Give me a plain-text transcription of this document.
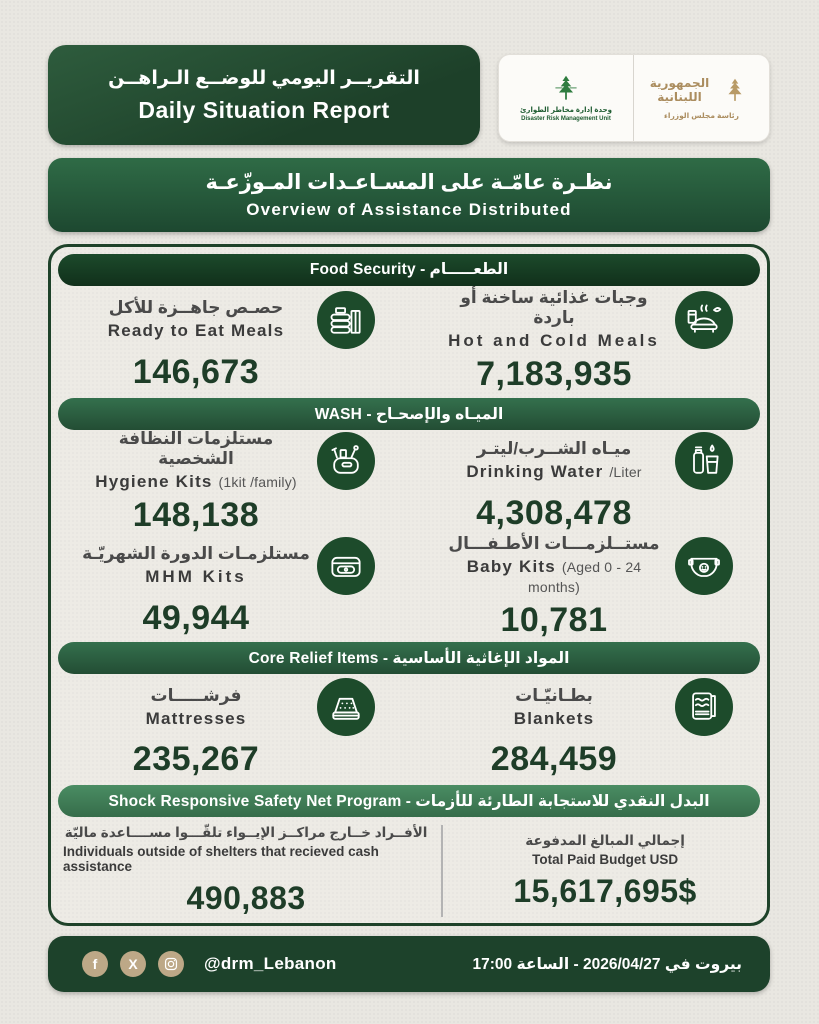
التقريــر اليومي للوضــع الـراهــن
Daily Situation Report	وحدة إدارة مخاطر الطوارئ
Disaster Risk Management Unit
الجمهورية
اللبنانية
رئاسة مجلس الوزراء
نظـرة عامّـة على المسـاعـدات المـوزّعـة
Overview of Assistance Distributed
الطعـــــام - Food Security
حصـص جاهــزة للأكل
Ready to Eat Meals
146,673
وجبات غذائية ساخنة أو باردة
Hot and Cold Meals
7,183,935
الميـاه والإصحـاح - WASH
مستلزمات النظافة الشخصية
Hygiene Kits (1kit /family)
148,138
ميـاه الشــرب/ليتـر
Drinking Water /Liter
4,308,478
مستلزمـات الدورة الشهريّـة
MHM Kits
49,944
مستــلزمـــات الأطـفـــال
Baby Kits (Aged 0 - 24 months)
10,781
المواد الإغاثية الأساسية - Core Relief Items
فرشـــــات
Mattresses
235,267
بطـانيّـات
Blankets
284,459
البدل النقدي للاستجابة الطارئة للأزمات - Shock Responsive Safety Net Program
الأفــراد خــارج مراكــز الإيــواء تلقّـــوا مســــاعدة ماليّة
Individuals outside of shelters that recieved cash assistance
490,883
إجمالي المبالغ المدفوعة
Total Paid Budget USD
15,617,695$
f X	@drm_Lebanon	بيروت في 2026/04/27 - الساعة 17:00
